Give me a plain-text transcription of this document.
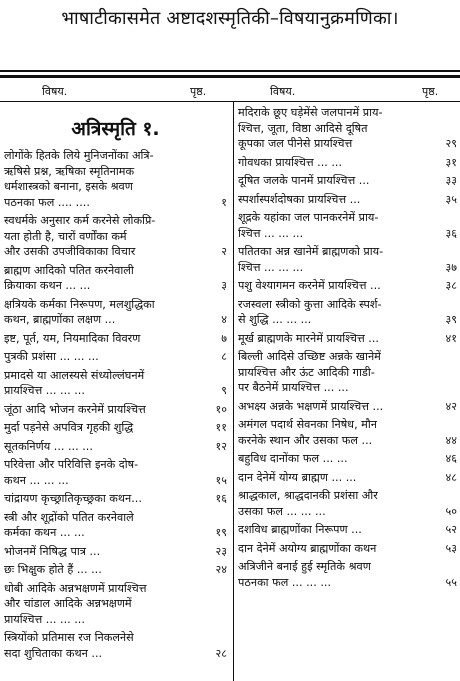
भाषाटीकासमेत अष्टादशस्मृतिकी–विषयानुक्रमणिका।
विषय.	पृष्ठ.	विषय.	पृष्ठ.
अत्रिस्मृति १.
लोगोंके हितके लिये मुनिजनोंका अत्रि-
ऋषिसे प्रश्न, ऋषिका स्मृतिनामक
धर्मशास्त्रको बनाना, इसके श्रवण
पठनका फल .... ....	१
स्वधर्मके अनुसार कर्म करनेसे लोकप्रि-
यता होती है, चारों वर्णोंका कर्म
और उसकी उपजीविकाका विचार	२
ब्राह्मण आदिको पतित करनेवाली
क्रियाका कथन ... ...	३
क्षत्रियके कर्मका निरूपण, मलशुद्धिका
कथन, ब्राह्मणोंका लक्षण ...	४
इष्ट, पूर्त, यम, नियमादिका विवरण	७
पुत्रकी प्रशंसा ... ... ...	८
प्रमादसे या आलस्यसे संध्योल्लंघनमें
प्रायश्चित्त ... ... ...	९
जूंठा आदि भोजन करनेमें प्रायश्चित्त	१०
मुर्दा पड़नेसे अपवित्र गृहकी शुद्धि	११
सूतकनिर्णय ... ... ...	१२
परिवेत्ता और परिवित्ति इनके दोष-
कथन ... ... ...	१५
चांद्रायण कृच्छ्रातिकृच्छ्रका कथन...	१६
स्त्री और शूद्रोंको पतित करनेवाले
कर्मका कथन ... ...	१९
भोजनमें निषिद्ध पात्र ...	२३
छः भिक्षुक होते हैं ... ...	२४
धोबी आदिके अन्नभक्षणमें प्रायश्चित्त
और चांडाल आदिके अन्नभक्षणमें
प्रायश्चित्त ... ... ...
स्त्रियोंको प्रतिमास रज निकलनेसे
सदा शुचिताका कथन ...	२८
मदिराके छूए घड़ेमेंसे जलपानमें प्राय-
श्चित्त, जूता, विष्ठा आदिसे दूषित
कूपका जल पीनेसे प्रायश्चित्त	२९
गोवधका प्रायश्चित्त ... ...	३१
दूषित जलके पानमें प्रायश्चित्त ...	३३
स्पर्शास्पर्शदोषका प्रायश्चित्त ...	३५
शूद्रके यहांका जल पानकरनेमें प्राय-
श्चित्त ... ... ...	३६
पतितका अन्न खानेमें ब्राह्मणको प्राय-
श्चित्त ... ... ...	३७
पशु वेश्यागमन करनेमें प्रायश्चित्त ...	३८
रजस्वला स्त्रीको कुत्ता आदिके स्पर्श-
से शुद्धि ... ... ...	३९
मूर्ख ब्राह्मणके मारनेमें प्रायश्चित्त ...	४१
बिल्ली आदिसे उच्छिष्ट अन्नके खानेमें
प्रायश्चित्त और ऊंट आदिकी गाडी-
पर बैठनेमें प्रायश्चित्त ... ...
अभक्ष्य अन्नके भक्षणमें प्रायश्चित्त ...	४२
अमंगल पदार्थ सेवनका निषेध, मौन
करनेके स्थान और उसका फल ...	४४
बहुविध दानोंका फल ... ...	४६
दान देनेमें योग्य ब्राह्मण ... ...	४८
श्राद्धकाल, श्राद्धदानकी प्रशंसा और
उसका फल ... ... ...	५०
दशविध ब्राह्मणोंका निरूपण ...	५२
दान देनेमें अयोग्य ब्राह्मणोंका कथन	५३
अत्रिजीने बनाई हुई स्मृतिके श्रवण
पठनका फल ... ... ...	५५
